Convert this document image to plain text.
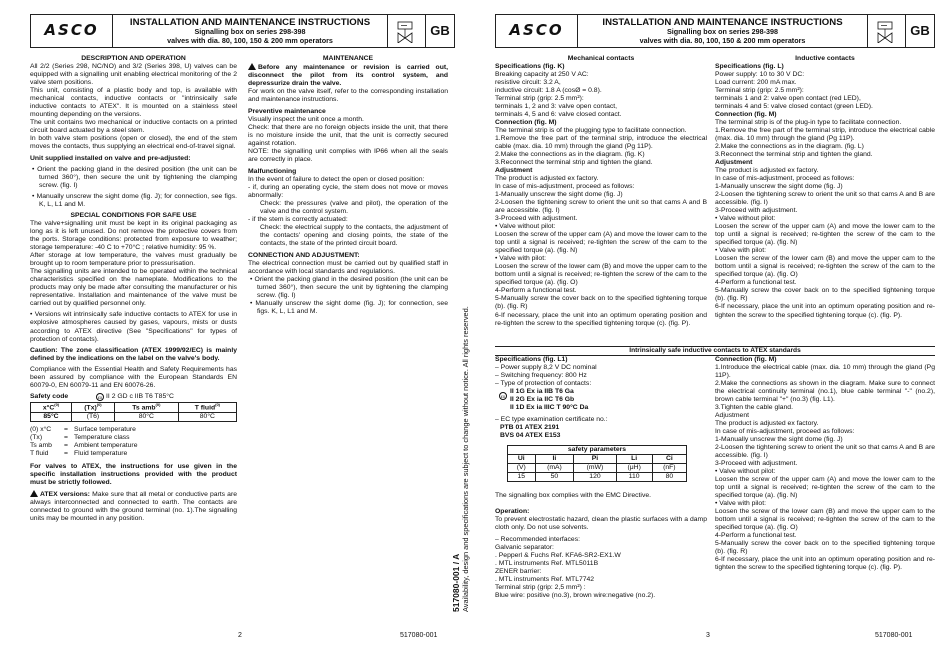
ASCO	INSTALLATION AND MAINTENANCE INSTRUCTIONS
Signalling box on series 298-398
valves with dia. 80, 100, 150 & 200 mm operators
GB
DESCRIPTION AND OPERATION
All 2/2 (Series 298, NC/NO) and 3/2 (Series 398, U) valves can be equipped with a signalling unit enabling electrical monitoring of the 2 valve stem positions.
This unit, consisting of a plastic body and top, is available with mechanical contacts, inductive contacts or "intrinsically safe inductive contacts to ATEX". It is mounted on a stainless steel mounting depending on the versions.
The unit contains two mechanical or inductive contacts on a printed circuit board actuated by a steel stem.
In both valve stem positions (open or closed), the end of the stem moves the contacts, thus supplying an electrical end-of-travel signal.
Unit supplied installed on valve and pre-adjusted:
• Orient the packing gland in the desired position (the unit can be turned 360°), then secure the unit by tightening the clamping screw. (fig. I)
• Manually unscrew the sight dome (fig. J); for connection, see figs. K, L, L1 and M.
SPECIAL CONDITIONS FOR SAFE USE
The valve+signalling unit must be kept in its original packaging as long as it is left unused. Do not remove the protective covers from the ports. Storage conditions: protected from exposure to weather; storage temperature: -40 C to +70°C ; relative humidity: 95 %.
After storage at low temperature, the valves must gradually be brought up to room temperature prior to pressurisation.
The signalling units are intended to be operated within the technical characteristics specified on the nameplate. Modifications to the products may only be made after consulting the manufacturer or his representative. Installation and maintenance of the valve must be carried out by qualified personnel only.
• Versions wit intrinsically safe inductive contacts to ATEX for use in explosive atmospheres caused by gases, vapours, mists or dusts according to ATEX directive (See "Specifications" for types of protection of contacts).
Caution: The zone classification (ATEX 1999/92/EC) is mainly defined by the indications on the label on the valve's body.
Compliance with the Essential Health and Safety Requirements has been assured by compliance with the European Standards EN 60079-0, EN 60079-11 and EN 60076-26.
Safety code	εx II 2 GD c IIB T6 T85°C
$x^\circ C^{(0)}$	$(Tx)^{(0)}$	Ts amb$^{(0)}$	T fluid$^{(0)}$
85°C	(T6)	80°C	80°C
(0) x°C	=	Surface temperature
(Tx)	=	Temperature class
Ts amb	=	Ambient temperature
T fluid	=	Fluid temperature
For valves to ATEX, the instructions for use given in the specific installation instructions provided with the product must be strictly followed.
ATEX versions: Make sure that all metal or conductive parts are always interconnected and connected to earth. The contacts are connected to ground with the ground terminal (no. 1).The signalling units may be mounted in any position.
MAINTENANCE
Before any maintenance or revision is carried out, disconnect the pilot from its control system, and depressurize drain the valve.
For work on the valve itself, refer to the corresponding installation and maintenance instructions.
Preventive maintenance
Visually inspect the unit once a month.
Check: that there are no foreign objects inside the unit, that there is no moisture inside the unit, that the unit is correctly secured against rotation.
NOTE: the signalling unit complies with IP66 when all the seals are correctly in place.
Malfunctioning
In the event of failure to detect the open or closed position:
- if, during an operating cycle, the stem does not move or moves abnormally:
Check: the pressures (valve and pilot), the operation of the valve and the control system.
- if the stem is correctly actuated:
Check: the electrical supply to the contacts, the adjustment of the contacts' opening and closing points, the state of the contacts, the state of the printed circuit board.
CONNECTION AND ADJUSTMENT:
The electrical connection must be carried out by qualified staff in accordance with local standards and regulations.
• Orient the packing gland in the desired position (the unit can be turned 360°), then secure the unit by tightening the clamping screw. (fig. I)
• Manually unscrew the sight dome (fig. J); for connection, see figs. K, L, L1 and M.
517080-001 / A Availability, design and specifications are subject to change without notice. All rights reserved.
2	517080-001
ASCO	INSTALLATION AND MAINTENANCE INSTRUCTIONS
Signalling box on series 298-398
valves with dia. 80, 100, 150 & 200 mm operators
GB
Mechanical contacts
Specifications (fig. K)
Breaking capacity at 250 V AC:
resistive circuit: 3.2 A,
inductive circuit: 1.8 A (cosØ = 0.8).
Terminal strip (grip: 2.5 mm²):
terminals 1, 2 and 3: valve open contact,
terminals 4, 5 and 6: valve closed contact.
Connection (fig. M)
The terminal strip is of the plugging type to facilitate connection.
1.Remove the free part of the terminal strip, introduce the electrical cable (max. dia. 10 mm) through the gland (Pg 11P).
2.Make the connections as in the diagram. (fig. K)
3.Reconnect the terminal strip and tighten the gland.
Adjustment
The product is adjusted ex factory.
In case of mis-adjustment, proceed as follows:
1-Manually unscrew the sight dome (fig. J)
2-Loosen the tightening screw to orient the unit so that cams A and B are accessible. (fig. I)
3-Proceed with adjustment.
• Valve without pilot:
Loosen the screw of the upper cam (A) and move the lower cam to the top until a signal is received; re-tighten the screw of the cam to the specified torque (a). (fig. N)
• Valve with pilot:
Loosen the screw of the lower cam (B) and move the upper cam to the bottom until a signal is received; re-tighten the screw of the cam to the specified torque (a). (fig. O)
4-Perform a functional test.
5-Manually screw the cover back on to the specified tightening torque (b). (fig. R)
6-If necessary, place the unit into an optimum operating position and re-tighten the screw to the specified tightening torque (c). (fig. P).
Inductive contacts
Specifications (fig. L)
Power supply: 10 to 30 V DC:
Load current: 200 mA max.
Terminal strip (grip: 2.5 mm²):
terminals 1 and 2: valve open contact (red LED),
terminals 4 and 5: valve closed contact (green LED).
Connection (fig. M)
The terminal strip is of the plug-in type to facilitate connection.
1.Remove the free part of the terminal strip, introduce the electrical cable (max. dia. 10 mm) through the gland (Pg 11P).
2.Make the connections as in the diagram. (fig. L)
3.Reconnect the terminal strip and tighten the gland.
Adjustment
The product is adjusted ex factory.
In case of mis-adjustment, proceed as follows:
1-Manually unscrew the sight dome (fig. J)
2-Loosen the tightening screw to orient the unit so that cams A and B are accessible. (fig. I)
3-Proceed with adjustment.
• Valve without pilot:
Loosen the screw of the upper cam (A) and move the lower cam to the top until a signal is received; re-tighten the screw of the cam to the specified torque (a). (fig. N)
• Valve with pilot:
Loosen the screw of the lower cam (B) and move the upper cam to the bottom until a signal is received; re-tighten the screw of the cam to the specified torque (a). (fig. O)
4-Perform a functional test.
5-Manually screw the cover back on to the specified tightening torque (b). (fig. R)
6-If necessary, place the unit into an optimum operating position and re-tighten the screw to the specified tightening torque (c). (fig. P).
Intrinsically safe inductive contacts to ATEX standards
Specifications (fig. L1)
– Power supply 8,2 V DC nominal
– Switching frequency: 800 Hz
– Type of protection of contacts:
εx
II 1G Ex ia IIB T6 Ga
II 2G Ex ia IIC T6 Gb
II 1D Ex ia IIIC T 90°C Da
– EC type examination certificate no.:
PTB 01 ATEX 2191
BVS 04 ATEX E153
safety parameters				
Ui	Ii	Pi	Li	Ci
(V)	(mA)	(mW)	(μH)	(nF)
15	50	120	110	80
The signalling box complies with the EMC Directive.
Operation:
To prevent electrostatic hazard, clean the plastic surfaces with a damp cloth only. Do not use solvents.
– Recommended interfaces:
Galvanic separator:
. Pepperl & Fuchs Ref. KFA6-SR2-EX1.W
. MTL instruments Ref. MTL5011B
ZENER barrier:
. MTL instruments Ref. MTL7742
Terminal strip (grip: 2,5 mm²) :
Blue wire: positive (no.3), brown wire:negative (no.2).
Connection (fig. M)
1.Introduce the electrical cable (max. dia. 10 mm) through the gland (Pg 11P).
2.Make the connections as shown in the diagram. Make sure to connect the electrical continuity terminal (no.1), blue cable terminal "-" (no.2), brown cable terminal "+" (no.3) (fig. L1).
3.Tighten the cable gland.
Adjustment
The product is adjusted ex factory.
In case of mis-adjustment, proceed as follows:
1-Manually unscrew the sight dome (fig. J)
2-Loosen the tightening screw to orient the unit so that cams A and B are accessible. (fig. I)
3-Proceed with adjustment.
• Valve without pilot:
Loosen the screw of the upper cam (A) and move the lower cam to the top until a signal is received; re-tighten the screw of the cam to the specified torque (a). (fig. N)
• Valve with pilot:
Loosen the screw of the lower cam (B) and move the upper cam to the bottom until a signal is received; re-tighten the screw of the cam to the specified torque (a). (fig. O)
4-Perform a functional test.
5-Manually screw the cover back on to the specified tightening torque (b). (fig. R)
6-If necessary, place the unit into an optimum operating position and re-tighten the screw to the specified tightening torque (c). (fig. P).
3	517080-001
